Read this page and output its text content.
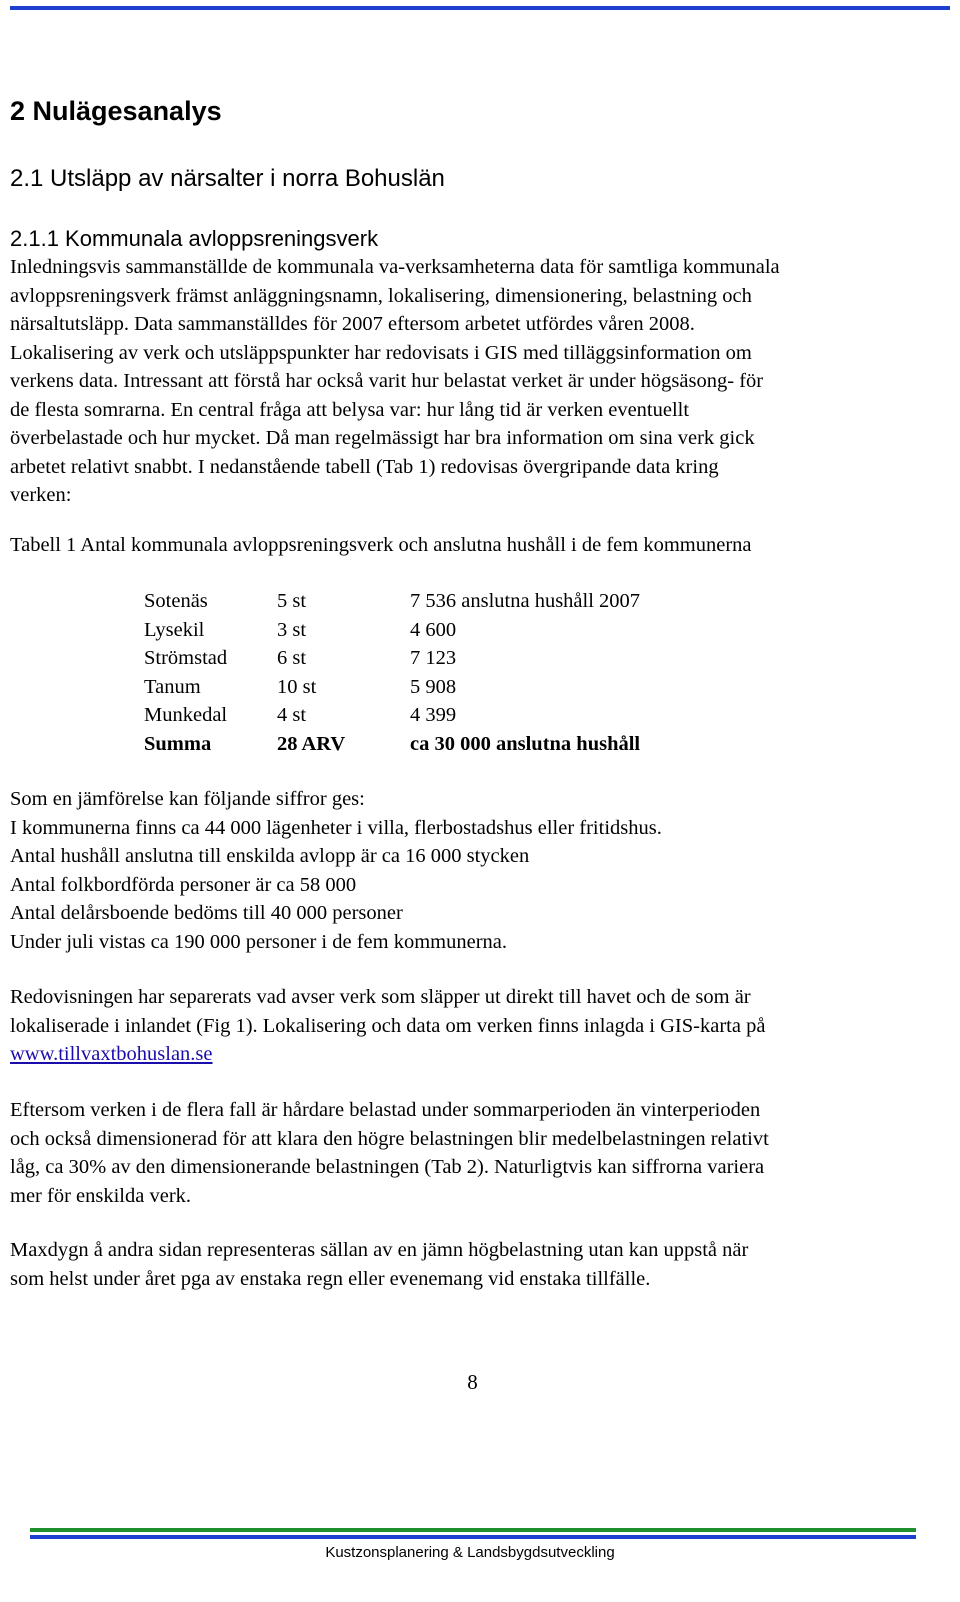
2 Nulägesanalys
2.1 Utsläpp av närsalter i norra Bohuslän
2.1.1 Kommunala avloppsreningsverk

Inledningsvis sammanställde de kommunala va-verksamheterna data för samtliga kommunala

avloppsreningsverk främst anläggningsnamn, lokalisering, dimensionering, belastning och

närsaltutsläpp. Data sammanställdes för 2007 eftersom arbetet utfördes våren 2008.

Lokalisering av verk och utsläppspunkter har redovisats i GIS med tilläggsinformation om

verkens data. Intressant att förstå har också varit hur belastat verket är under högsäsong- för

de flesta somrarna. En central fråga att belysa var: hur lång tid är verken eventuellt

överbelastade och hur mycket. Då man regelmässigt har bra information om sina verk gick

arbetet relativt snabbt. I nedanstående tabell (Tab 1) redovisas övergripande data kring

verken:

Tabell 1 Antal kommunala avloppsreningsverk och anslutna hushåll i de fem kommunerna
Sotenäs	5 st	7 536 anslutna hushåll 2007
Lysekil	3 st	4 600
Strömstad	6 st	7 123
Tanum	10 st	5 908
Munkedal	4 st	4 399
Summa	28 ARV	ca 30 000 anslutna hushåll

Som en jämförelse kan följande siffror ges:

I kommunerna finns ca 44 000 lägenheter i villa, flerbostadshus eller fritidshus.

Antal hushåll anslutna till enskilda avlopp är ca 16 000 stycken

Antal folkbordförda personer är ca 58 000

Antal delårsboende bedöms till 40 000 personer

Under juli vistas ca 190 000 personer i de fem kommunerna.

Redovisningen har separerats vad avser verk som släpper ut direkt till havet och de som är

lokaliserade i inlandet (Fig 1). Lokalisering och data om verken finns inlagda i GIS-karta på

www.tillvaxtbohuslan.se

Eftersom verken i de flera fall är hårdare belastad under sommarperioden än vinterperioden

och också dimensionerad för att klara den högre belastningen blir medelbelastningen relativt

låg, ca 30% av den dimensionerande belastningen (Tab 2). Naturligtvis kan siffrorna variera

mer för enskilda verk.

Maxdygn å andra sidan representeras sällan av en jämn högbelastning utan kan uppstå när

som helst under året pga av enstaka regn eller evenemang vid enstaka tillfälle.

8
Kustzonsplanering & Landsbygdsutveckling
